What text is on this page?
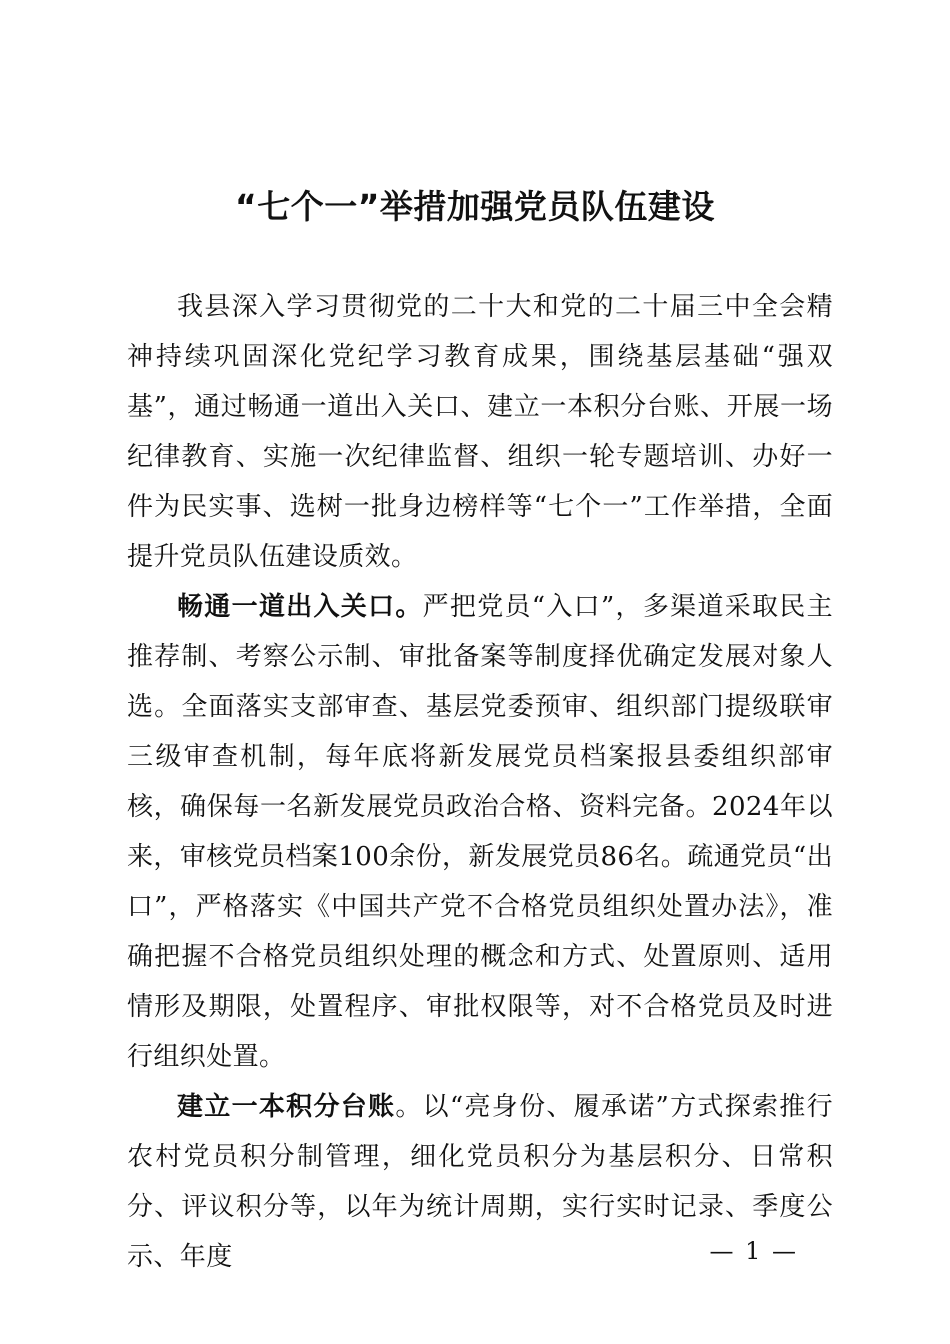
“七个一”举措加强党员队伍建设

我县深入学习贯彻党的二十大和党的二十届三中全会精神持续巩固深化党纪学习教育成果，围绕基层基础“强双基”，通过畅通一道出入关口、建立一本积分台账、开展一场纪律教育、实施一次纪律监督、组织一轮专题培训、办好一件为民实事、选树一批身边榜样等“七个一”工作举措，全面提升党员队伍建设质效。

畅通一道出入关口。严把党员“入口”，多渠道采取民主推荐制、考察公示制、审批备案等制度择优确定发展对象人选。全面落实支部审查、基层党委预审、组织部门提级联审三级审查机制，每年底将新发展党员档案报县委组织部审核，确保每一名新发展党员政治合格、资料完备。2024年以来，审核党员档案100余份，新发展党员86名。疏通党员“出口”，严格落实《中国共产党不合格党员组织处置办法》，准确把握不合格党员组织处理的概念和方式、处置原则、适用情形及期限，处置程序、审批权限等，对不合格党员及时进行组织处置。

建立一本积分台账。以“亮身份、履承诺”方式探索推行农村党员积分制管理，细化党员积分为基层积分、日常积分、评议积分等，以年为统计周期，实行实时记录、季度公示、年度	— 1 —
